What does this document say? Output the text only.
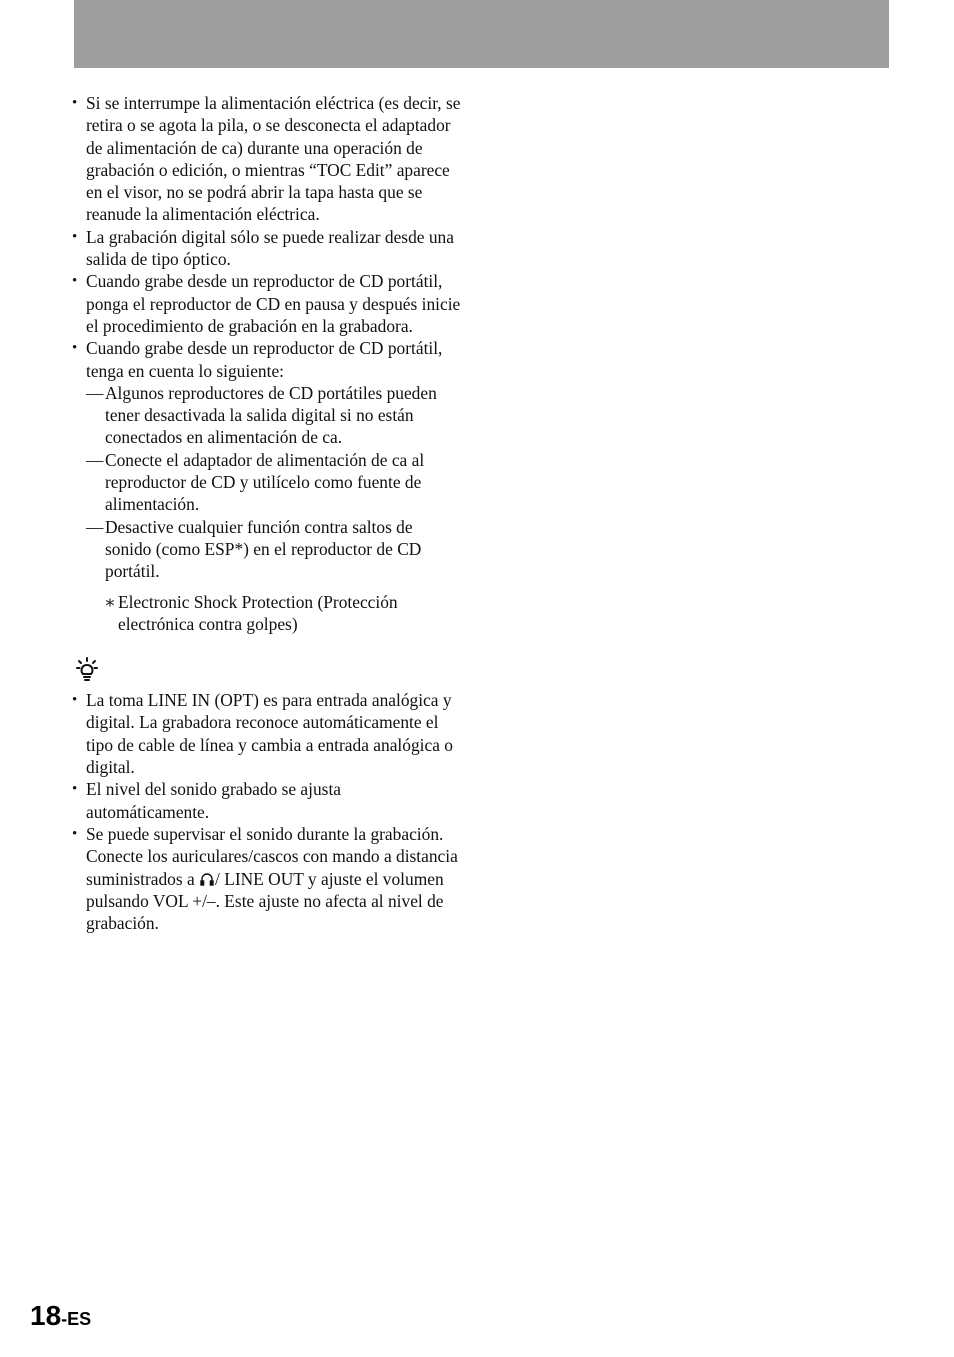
• Si se interrumpe la alimentación eléctrica (es decir, se retira o se agota la pila, o se desconecta el adaptador de alimentación de ca) durante una operación de grabación o edición, o mientras “TOC Edit” aparece en el visor, no se podrá abrir la tapa hasta que se reanude la alimentación eléctrica.
• La grabación digital sólo se puede realizar desde una salida de tipo óptico.
• Cuando grabe desde un reproductor de CD portátil, ponga el reproductor de CD en pausa y después inicie el procedimiento de grabación en la grabadora.
• Cuando grabe desde un reproductor de CD portátil, tenga en cuenta lo siguiente:
— Algunos reproductores de CD portátiles pueden tener desactivada la salida digital si no están conectados en alimentación de ca.
— Conecte el adaptador de alimentación de ca al reproductor de CD y utilícelo como fuente de alimentación.
— Desactive cualquier función contra saltos de sonido (como ESP*) en el reproductor de CD portátil.
∗ Electronic Shock Protection (Protección electrónica contra golpes)
• La toma LINE IN (OPT) es para entrada analógica y digital. La grabadora reconoce automáticamente el tipo de cable de línea y cambia a entrada analógica o digital.
• El nivel del sonido grabado se ajusta automáticamente.
• Se puede supervisar el sonido durante la grabación. Conecte los auriculares/cascos con mando a distancia suministrados a / LINE OUT y ajuste el volumen pulsando VOL +/–. Este ajuste no afecta al nivel de grabación.
18-ES
